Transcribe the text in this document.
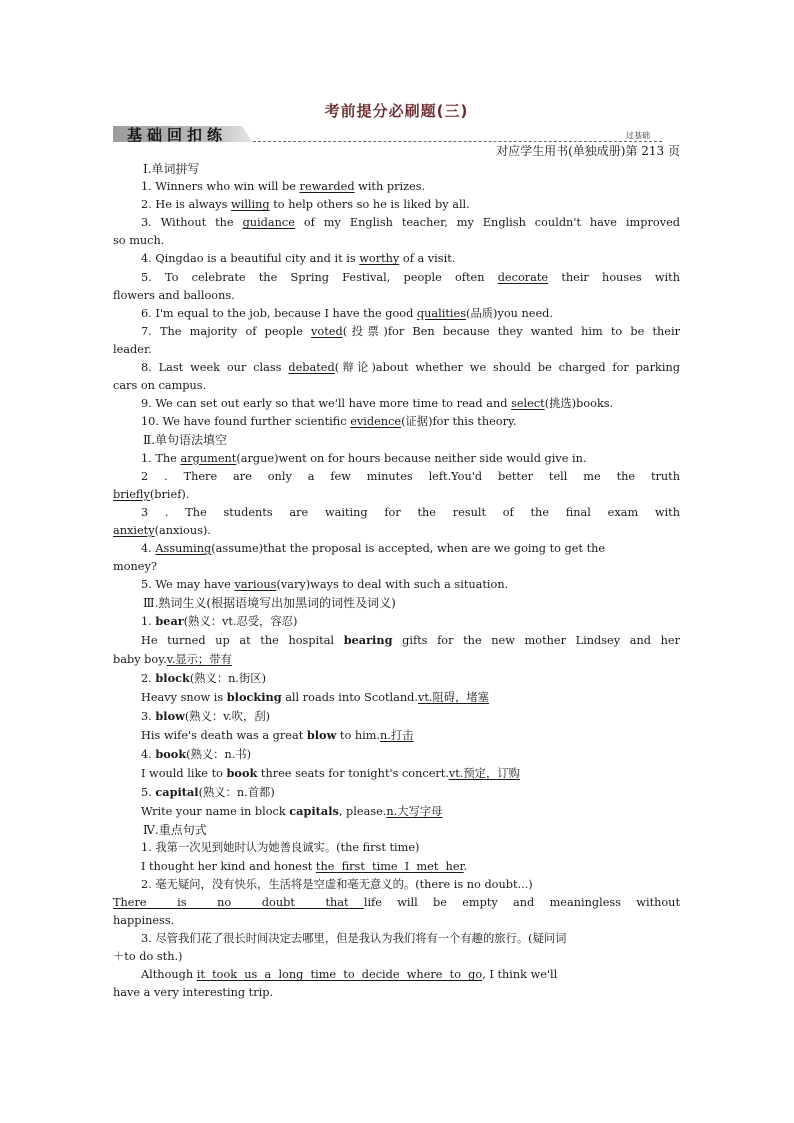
考前提分必刷题(三)
基础回扣练	过基础
对应学生用书(单独成册)第 213 页
Ⅰ.单词拼写
1. Winners who win will be rewarded with prizes.
2. He is always willing to help others so he is liked by all.
3. Without the guidance of my English teacher, my English couldn't have improved
so much.
4. Qingdao is a beautiful city and it is worthy of a visit.
5. To celebrate the Spring Festival, people often decorate their houses with
flowers and balloons.
6. I'm equal to the job, because I have the good qualities(品质)you need.
7. The majority of people voted(投票)for Ben because they wanted him to be their
leader.
8. Last week our class debated(辩论)about whether we should be charged for parking
cars on campus.
9. We can set out early so that we'll have more time to read and select(挑选)books.
10. We have found further scientific evidence(证据)for this theory.
Ⅱ.单句语法填空
1. The argument(argue)went on for hours because neither side would give in.
2 . There are only a few minutes left.You'd better tell me the truth
briefly(brief).
3 . The students are waiting for the result of the final exam with
anxiety(anxious).
4. Assuming(assume)that the proposal is accepted, when are we going to get the
money?
5. We may have various(vary)ways to deal with such a situation.
Ⅲ.熟词生义(根据语境写出加黑词的词性及词义)
1. bear(熟义：vt.忍受，容忍)
He turned up at the hospital bearing gifts for the new mother Lindsey and her
baby boy.v.显示；带有
2. block(熟义：n.街区)
Heavy snow is blocking all roads into Scotland.vt.阻碍，堵塞
3. blow(熟义：v.吹，刮)
His wife's death was a great blow to him.n.打击
4. book(熟义：n.书)
I would like to book three seats for tonight's concert.vt.预定，订购
5. capital(熟义：n.首都)
Write your name in block capitals, please.n.大写字母
Ⅳ.重点句式
1. 我第一次见到她时认为她善良诚实。(the first time)
I thought her kind and honest the  first  time  I  met  her.
2. 毫无疑问，没有快乐，生活将是空虚和毫无意义的。(there is no doubt...)
There  is  no  doubt  that life will be empty and meaningless without
happiness.
3. 尽管我们花了很长时间决定去哪里，但是我认为我们将有一个有趣的旅行。(疑问词
＋to do sth.)
Although it  took  us  a  long  time  to  decide  where  to  go, I think we'll
have a very interesting trip.
